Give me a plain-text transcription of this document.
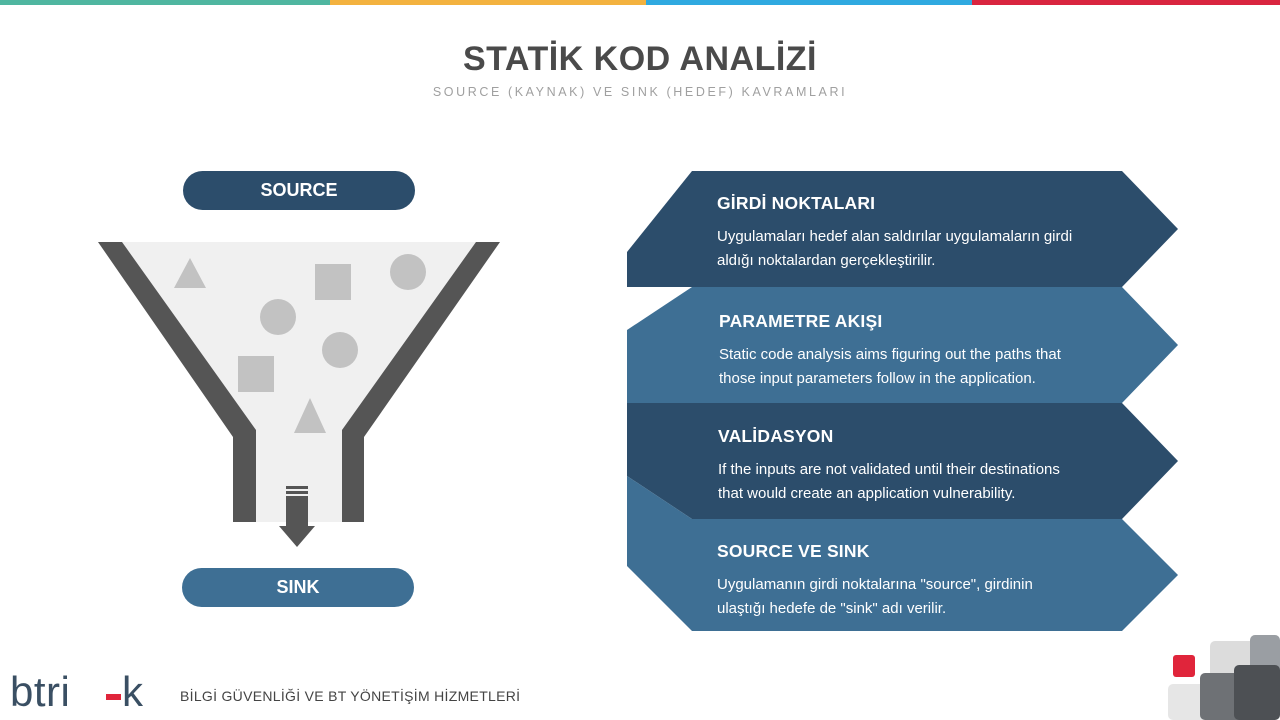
STATİK KOD ANALİZİ
SOURCE (KAYNAK) VE SINK (HEDEF) KAVRAMLARI
SOURCE
SINK
GİRDİ NOKTALARI
Uygulamaları hedef alan saldırılar uygulamaların girdi
aldığı noktalardan gerçekleştirilir.
PARAMETRE AKIŞI
Static code analysis aims figuring out the paths that
those input parameters follow in the application.
VALİDASYON
If the inputs are not validated until their destinations
that would create an application vulnerability.
SOURCE VE SINK
Uygulamanın girdi noktalarına "source", girdinin
ulaştığı hedefe de "sink" adı verilir.
btri k	BİLGİ GÜVENLİĞİ VE BT YÖNETİŞİM HİZMETLERİ
